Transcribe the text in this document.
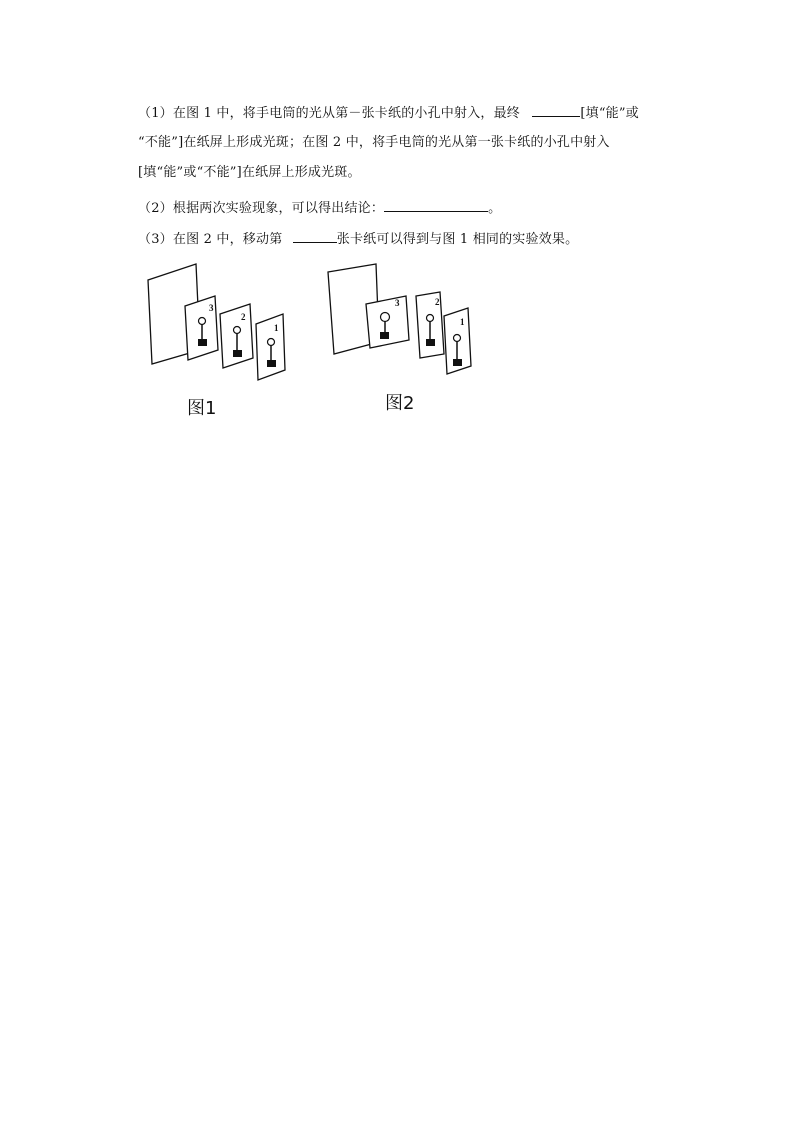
（1）在图 1 中，将手电筒的光从第－张卡纸的小孔中射入，最终	[填“能”或
“不能”]在纸屏上形成光斑；在图 2 中，将手电筒的光从第一张卡纸的小孔中射入
[填“能”或“不能”]在纸屏上形成光斑。
（2）根据两次实验现象，可以得出结论：	。
（3）在图 2 中，移动第	张卡纸可以得到与图 1 相同的实验效果。
3
2
1
图1
3	2
1
图2
